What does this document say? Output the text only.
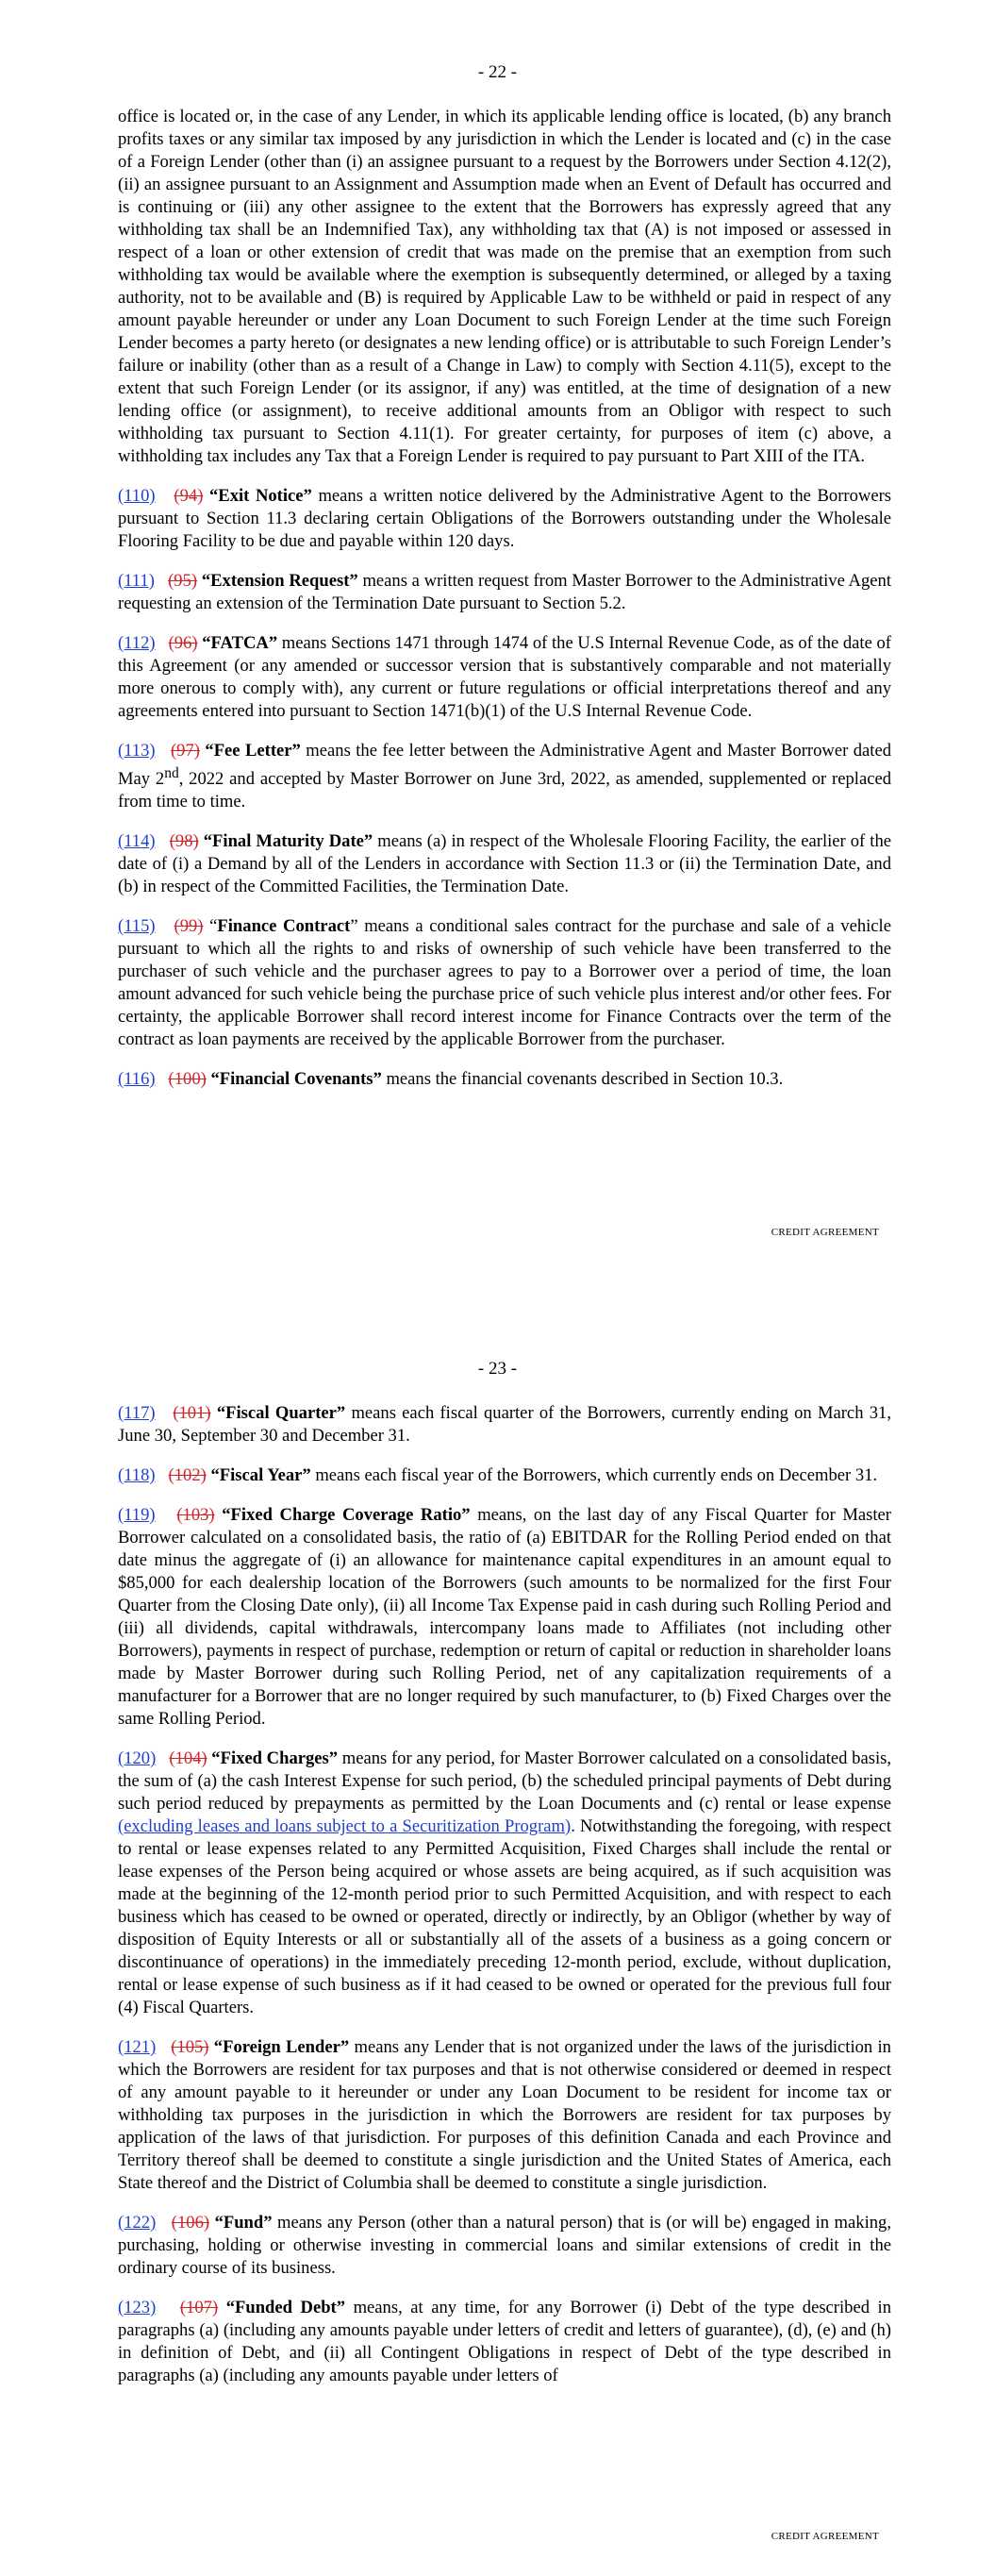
- 22 -

office is located or, in the case of any Lender, in which its applicable lending office is located, (b) any branch profits taxes or any similar tax imposed by any jurisdiction in which the Lender is located and (c) in the case of a Foreign Lender (other than (i) an assignee pursuant to a request by the Borrowers under Section 4.12(2), (ii) an assignee pursuant to an Assignment and Assumption made when an Event of Default has occurred and is continuing or (iii) any other assignee to the extent that the Borrowers has expressly agreed that any withholding tax shall be an Indemnified Tax), any withholding tax that (A) is not imposed or assessed in respect of a loan or other extension of credit that was made on the premise that an exemption from such withholding tax would be available where the exemption is subsequently determined, or alleged by a taxing authority, not to be available and (B) is required by Applicable Law to be withheld or paid in respect of any amount payable hereunder or under any Loan Document to such Foreign Lender at the time such Foreign Lender becomes a party hereto (or designates a new lending office) or is attributable to such Foreign Lender’s failure or inability (other than as a result of a Change in Law) to comply with Section 4.11(5), except to the extent that such Foreign Lender (or its assignor, if any) was entitled, at the time of designation of a new lending office (or assignment), to receive additional amounts from an Obligor with respect to such withholding tax pursuant to Section 4.11(1). For greater certainty, for purposes of item (c) above, a withholding tax includes any Tax that a Foreign Lender is required to pay pursuant to Part XIII of the ITA.

(110) (94) “Exit Notice” means a written notice delivered by the Administrative Agent to the Borrowers pursuant to Section 11.3 declaring certain Obligations of the Borrowers outstanding under the Wholesale Flooring Facility to be due and payable within 120 days.

(111) (95) “Extension Request” means a written request from Master Borrower to the Administrative Agent requesting an extension of the Termination Date pursuant to Section 5.2.

(112) (96) “FATCA” means Sections 1471 through 1474 of the U.S Internal Revenue Code, as of the date of this Agreement (or any amended or successor version that is substantively comparable and not materially more onerous to comply with), any current or future regulations or official interpretations thereof and any agreements entered into pursuant to Section 1471(b)(1) of the U.S Internal Revenue Code.

(113) (97) “Fee Letter” means the fee letter between the Administrative Agent and Master Borrower dated May 2nd, 2022 and accepted by Master Borrower on June 3rd, 2022, as amended, supplemented or replaced from time to time.

(114) (98) “Final Maturity Date” means (a) in respect of the Wholesale Flooring Facility, the earlier of the date of (i) a Demand by all of the Lenders in accordance with Section 11.3 or (ii) the Termination Date, and (b) in respect of the Committed Facilities, the Termination Date.

(115) (99) “Finance Contract” means a conditional sales contract for the purchase and sale of a vehicle pursuant to which all the rights to and risks of ownership of such vehicle have been transferred to the purchaser of such vehicle and the purchaser agrees to pay to a Borrower over a period of time, the loan amount advanced for such vehicle being the purchase price of such vehicle plus interest and/or other fees. For certainty, the applicable Borrower shall record interest income for Finance Contracts over the term of the contract as loan payments are received by the applicable Borrower from the purchaser.

(116) (100) “Financial Covenants” means the financial covenants described in Section 10.3.

CREDIT AGREEMENT
- 23 -

(117) (101) “Fiscal Quarter” means each fiscal quarter of the Borrowers, currently ending on March 31, June 30, September 30 and December 31.

(118) (102) “Fiscal Year” means each fiscal year of the Borrowers, which currently ends on December 31.

(119) (103) “Fixed Charge Coverage Ratio” means, on the last day of any Fiscal Quarter for Master Borrower calculated on a consolidated basis, the ratio of (a) EBITDAR for the Rolling Period ended on that date minus the aggregate of (i) an allowance for maintenance capital expenditures in an amount equal to $85,000 for each dealership location of the Borrowers (such amounts to be normalized for the first Four Quarter from the Closing Date only), (ii) all Income Tax Expense paid in cash during such Rolling Period and (iii) all dividends, capital withdrawals, intercompany loans made to Affiliates (not including other Borrowers), payments in respect of purchase, redemption or return of capital or reduction in shareholder loans made by Master Borrower during such Rolling Period, net of any capitalization requirements of a manufacturer for a Borrower that are no longer required by such manufacturer, to (b) Fixed Charges over the same Rolling Period.

(120) (104) “Fixed Charges” means for any period, for Master Borrower calculated on a consolidated basis, the sum of (a) the cash Interest Expense for such period, (b) the scheduled principal payments of Debt during such period reduced by prepayments as permitted by the Loan Documents and (c) rental or lease expense (excluding leases and loans subject to a Securitization Program). Notwithstanding the foregoing, with respect to rental or lease expenses related to any Permitted Acquisition, Fixed Charges shall include the rental or lease expenses of the Person being acquired or whose assets are being acquired, as if such acquisition was made at the beginning of the 12-month period prior to such Permitted Acquisition, and with respect to each business which has ceased to be owned or operated, directly or indirectly, by an Obligor (whether by way of disposition of Equity Interests or all or substantially all of the assets of a business as a going concern or discontinuance of operations) in the immediately preceding 12-month period, exclude, without duplication, rental or lease expense of such business as if it had ceased to be owned or operated for the previous full four (4) Fiscal Quarters.

(121) (105) “Foreign Lender” means any Lender that is not organized under the laws of the jurisdiction in which the Borrowers are resident for tax purposes and that is not otherwise considered or deemed in respect of any amount payable to it hereunder or under any Loan Document to be resident for income tax or withholding tax purposes in the jurisdiction in which the Borrowers are resident for tax purposes by application of the laws of that jurisdiction. For purposes of this definition Canada and each Province and Territory thereof shall be deemed to constitute a single jurisdiction and the United States of America, each State thereof and the District of Columbia shall be deemed to constitute a single jurisdiction.

(122) (106) “Fund” means any Person (other than a natural person) that is (or will be) engaged in making, purchasing, holding or otherwise investing in commercial loans and similar extensions of credit in the ordinary course of its business.

(123) (107) “Funded Debt” means, at any time, for any Borrower (i) Debt of the type described in paragraphs (a) (including any amounts payable under letters of credit and letters of guarantee), (d), (e) and (h) in definition of Debt, and (ii) all Contingent Obligations in respect of Debt of the type described in paragraphs (a) (including any amounts payable under letters of

CREDIT AGREEMENT
